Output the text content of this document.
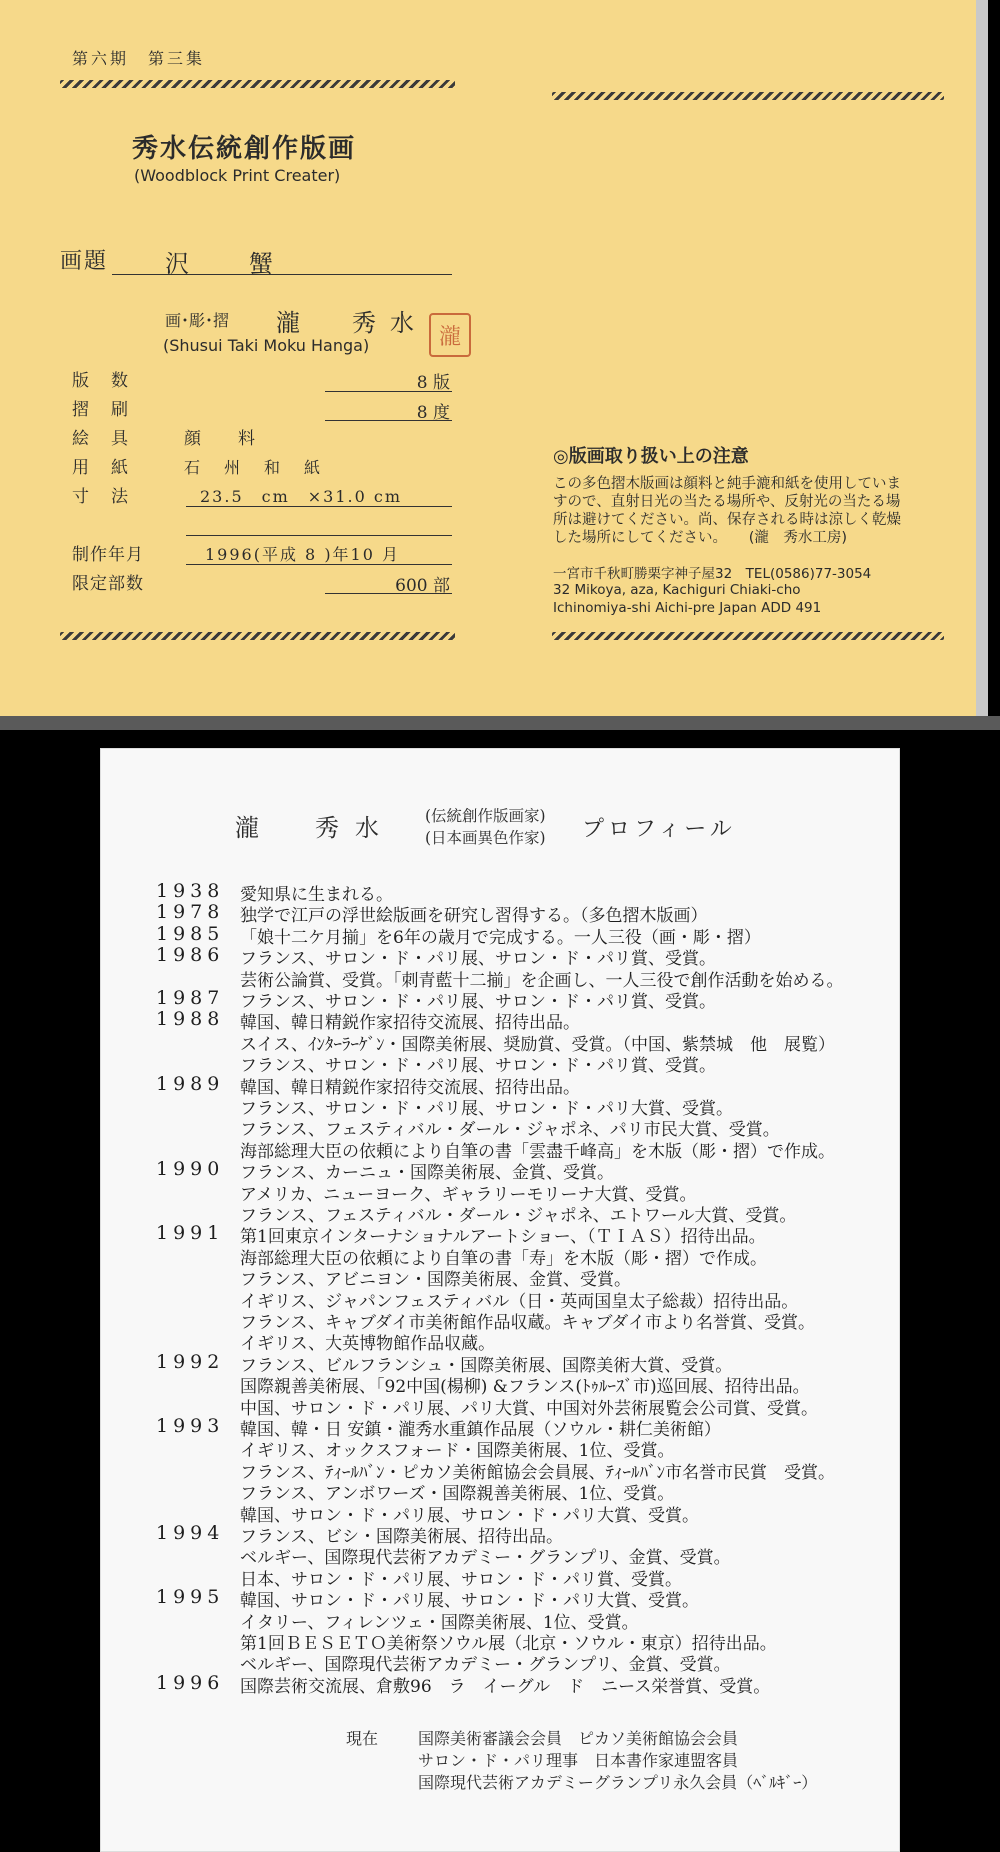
第六期　第三集
秀水伝統創作版画
(Woodblock Print Creater)
画題 沢　蟹
画･彫･摺 瀧　秀水 瀧
(Shusui Taki Moku Hanga)
版数	8 版
摺刷	8 度
絵具 顔　料
用紙 石　州　和　紙
寸法	23.5　cm　×31.0 cm
制作年月	1996(平成 8 )年10 月
限定部数	600 部
◎版画取り扱い上の注意
この多色摺木版画は顔料と純手漉和紙を使用していま
すので、直射日光の当たる場所や、反射光の当たる場
所は避けてください。尚、保存される時は涼しく乾燥
した場所にしてください。　　(瀧　秀水工房)
一宮市千秋町勝栗字神子屋32　TEL(0586)77-3054
32 Mikoya, aza, Kachiguri Chiaki-cho
Ichinomiya-shi Aichi-pre Japan ADD 491
瀧　秀水 (伝統創作版画家)
(日本画異色作家) プロフィール
1938 愛知県に生まれる。
1978 独学で江戸の浮世絵版画を研究し習得する。（多色摺木版画）
1985 「娘十二ケ月揃」を6年の歳月で完成する。一人三役（画・彫・摺）
1986 フランス、サロン・ド・パリ展、サロン・ド・パリ賞、受賞。
芸術公論賞、受賞。「刺青藍十二揃」を企画し、一人三役で創作活動を始める。
1987 フランス、サロン・ド・パリ展、サロン・ド・パリ賞、受賞。
1988 韓国、韓日精鋭作家招待交流展、招待出品。
スイス、ｲﾝﾀｰﾗｰｹﾞﾝ・国際美術展、奨励賞、受賞。（中国、紫禁城　他　展覧）
フランス、サロン・ド・パリ展、サロン・ド・パリ賞、受賞。
1989 韓国、韓日精鋭作家招待交流展、招待出品。
フランス、サロン・ド・パリ展、サロン・ド・パリ大賞、受賞。
フランス、フェスティバル・ダール・ジャポネ、パリ市民大賞、受賞。
海部総理大臣の依頼により自筆の書「雲盡千峰高」を木版（彫・摺）で作成。
1990 フランス、カーニュ・国際美術展、金賞、受賞。
アメリカ、ニューヨーク、ギャラリーモリーナ大賞、受賞。
フランス、フェスティバル・ダール・ジャポネ、エトワール大賞、受賞。
1991 第1回東京インターナショナルアートショー、（ＴＩＡＳ）招待出品。
海部総理大臣の依頼により自筆の書「寿」を木版（彫・摺）で作成。
フランス、アビニヨン・国際美術展、金賞、受賞。
イギリス、ジャパンフェスティバル（日・英両国皇太子総裁）招待出品。
フランス、キャブダイ市美術館作品収蔵。キャブダイ市より名誉賞、受賞。
イギリス、大英博物館作品収蔵。
1992 フランス、ビルフランシュ・国際美術展、国際美術大賞、受賞。
国際親善美術展、「92中国(楊柳) &フランス(ﾄｩﾙｰｽﾞ市)巡回展、招待出品。
中国、サロン・ド・パリ展、パリ大賞、中国対外芸術展覧会公司賞、受賞。
1993 韓国、韓・日 安鎮・瀧秀水重鎮作品展（ソウル・耕仁美術館）
イギリス、オックスフォード・国際美術展、1位、受賞。
フランス、ﾃｨｰﾙﾊﾞﾝ・ピカソ美術館協会会員展、ﾃｨｰﾙﾊﾞﾝ市名誉市民賞　受賞。
フランス、アンボワーズ・国際親善美術展、1位、受賞。
韓国、サロン・ド・パリ展、サロン・ド・パリ大賞、受賞。
1994 フランス、ビシ・国際美術展、招待出品。
ベルギー、国際現代芸術アカデミー・グランプリ、金賞、受賞。
日本、サロン・ド・パリ展、サロン・ド・パリ賞、受賞。
1995 韓国、サロン・ド・パリ展、サロン・ド・パリ大賞、受賞。
イタリー、フィレンツェ・国際美術展、1位、受賞。
第1回ＢＥＳＥＴＯ美術祭ソウル展（北京・ソウル・東京）招待出品。
ベルギー、国際現代芸術アカデミー・グランプリ、金賞、受賞。
1996 国際芸術交流展、倉敷96　ラ　イーグル　ド　ニース栄誉賞、受賞。
現在 国際美術審議会会員　ピカソ美術館協会会員
サロン・ド・パリ理事　日本書作家連盟客員
国際現代芸術アカデミーグランプリ永久会員（ﾍﾞﾙｷﾞｰ）
